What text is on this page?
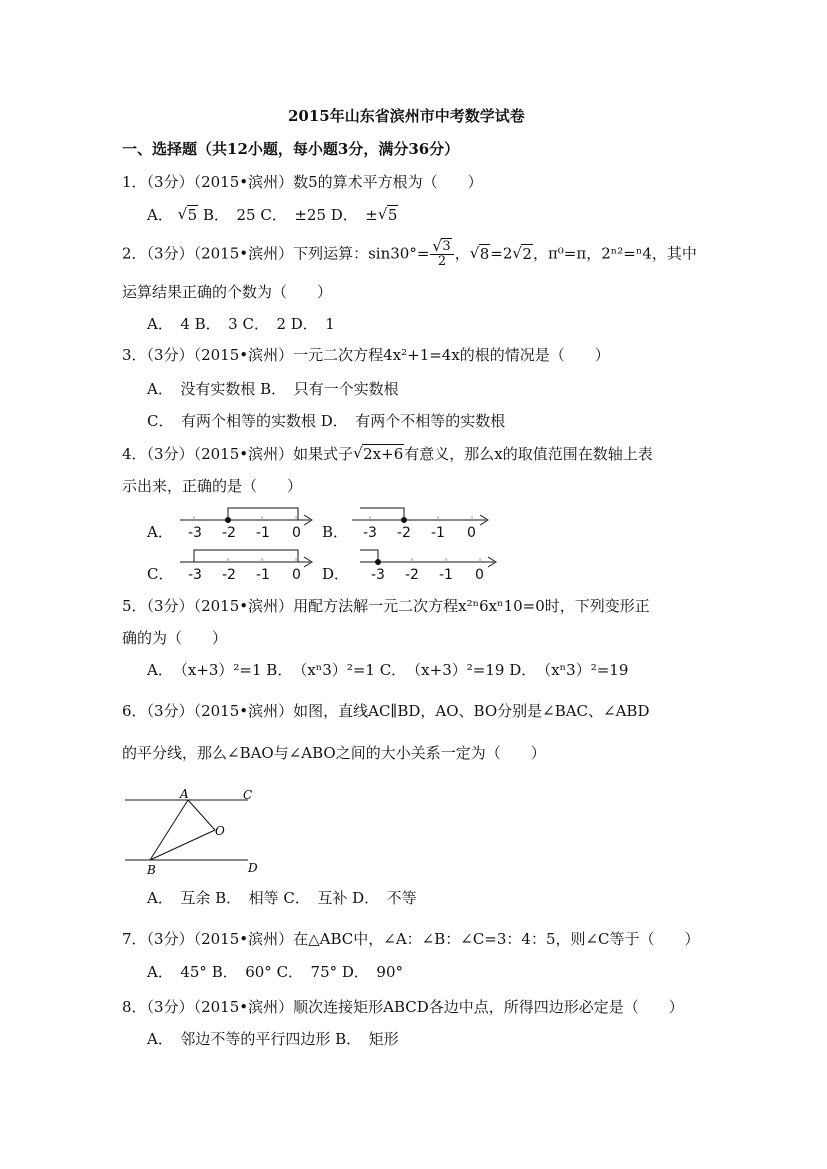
2015年山东省滨州市中考数学试卷
一、选择题（共12小题，每小题3分，满分36分）
1．（3分）（2015•滨州）数5的算术平方根为（　　）
A． √ 5 B．　25 C．　±25 D．　± √ 5
2．（3分）（2015•滨州）下列运算：sin30°= √ $\frac{3}{2}$ ， √ 8=2 √ 2，π⁰=π，2ⁿ²=ⁿ4，其中
运算结果正确的个数为（　　）
A．　4 B．　3 C．　2 D．　1
3．（3分）（2015•滨州）一元二次方程4x²+1=4x的根的情况是（　　）
A．　没有实数根 B．　只有一个实数根
C．　有两个相等的实数根 D．　有两个不相等的实数根
4．（3分）（2015•滨州）如果式子 √ 2x+6有意义，那么x的取值范围在数轴上表
示出来，正确的是（　　）
A． -3 -2 -1 0 B． -3 -2 -1 0
C． -3 -2 -1 0 D． -3 -2 -1 0
5．（3分）（2015•滨州）用配方法解一元二次方程x²ⁿ6xⁿ10=0时，下列变形正
确的为（　　）
A．　（x+3）²=1 B．　（xⁿ3）²=1 C．　（x+3）²=19 D．　（xⁿ3）²=19
6．（3分）（2015•滨州）如图，直线AC∥BD，AO、BO分别是∠BAC、∠ABD
的平分线，那么∠BAO与∠ABO之间的大小关系一定为（　　）
A	C
O
B	D
A．　互余 B．　相等 C．　互补 D．　不等
7．（3分）（2015•滨州）在△ABC中，∠A：∠B：∠C=3：4：5，则∠C等于（　　）
A．　45° B．　60° C．　75° D．　90°
8．（3分）（2015•滨州）顺次连接矩形ABCD各边中点，所得四边形必定是（　　）
A．　邻边不等的平行四边形 B．　矩形
